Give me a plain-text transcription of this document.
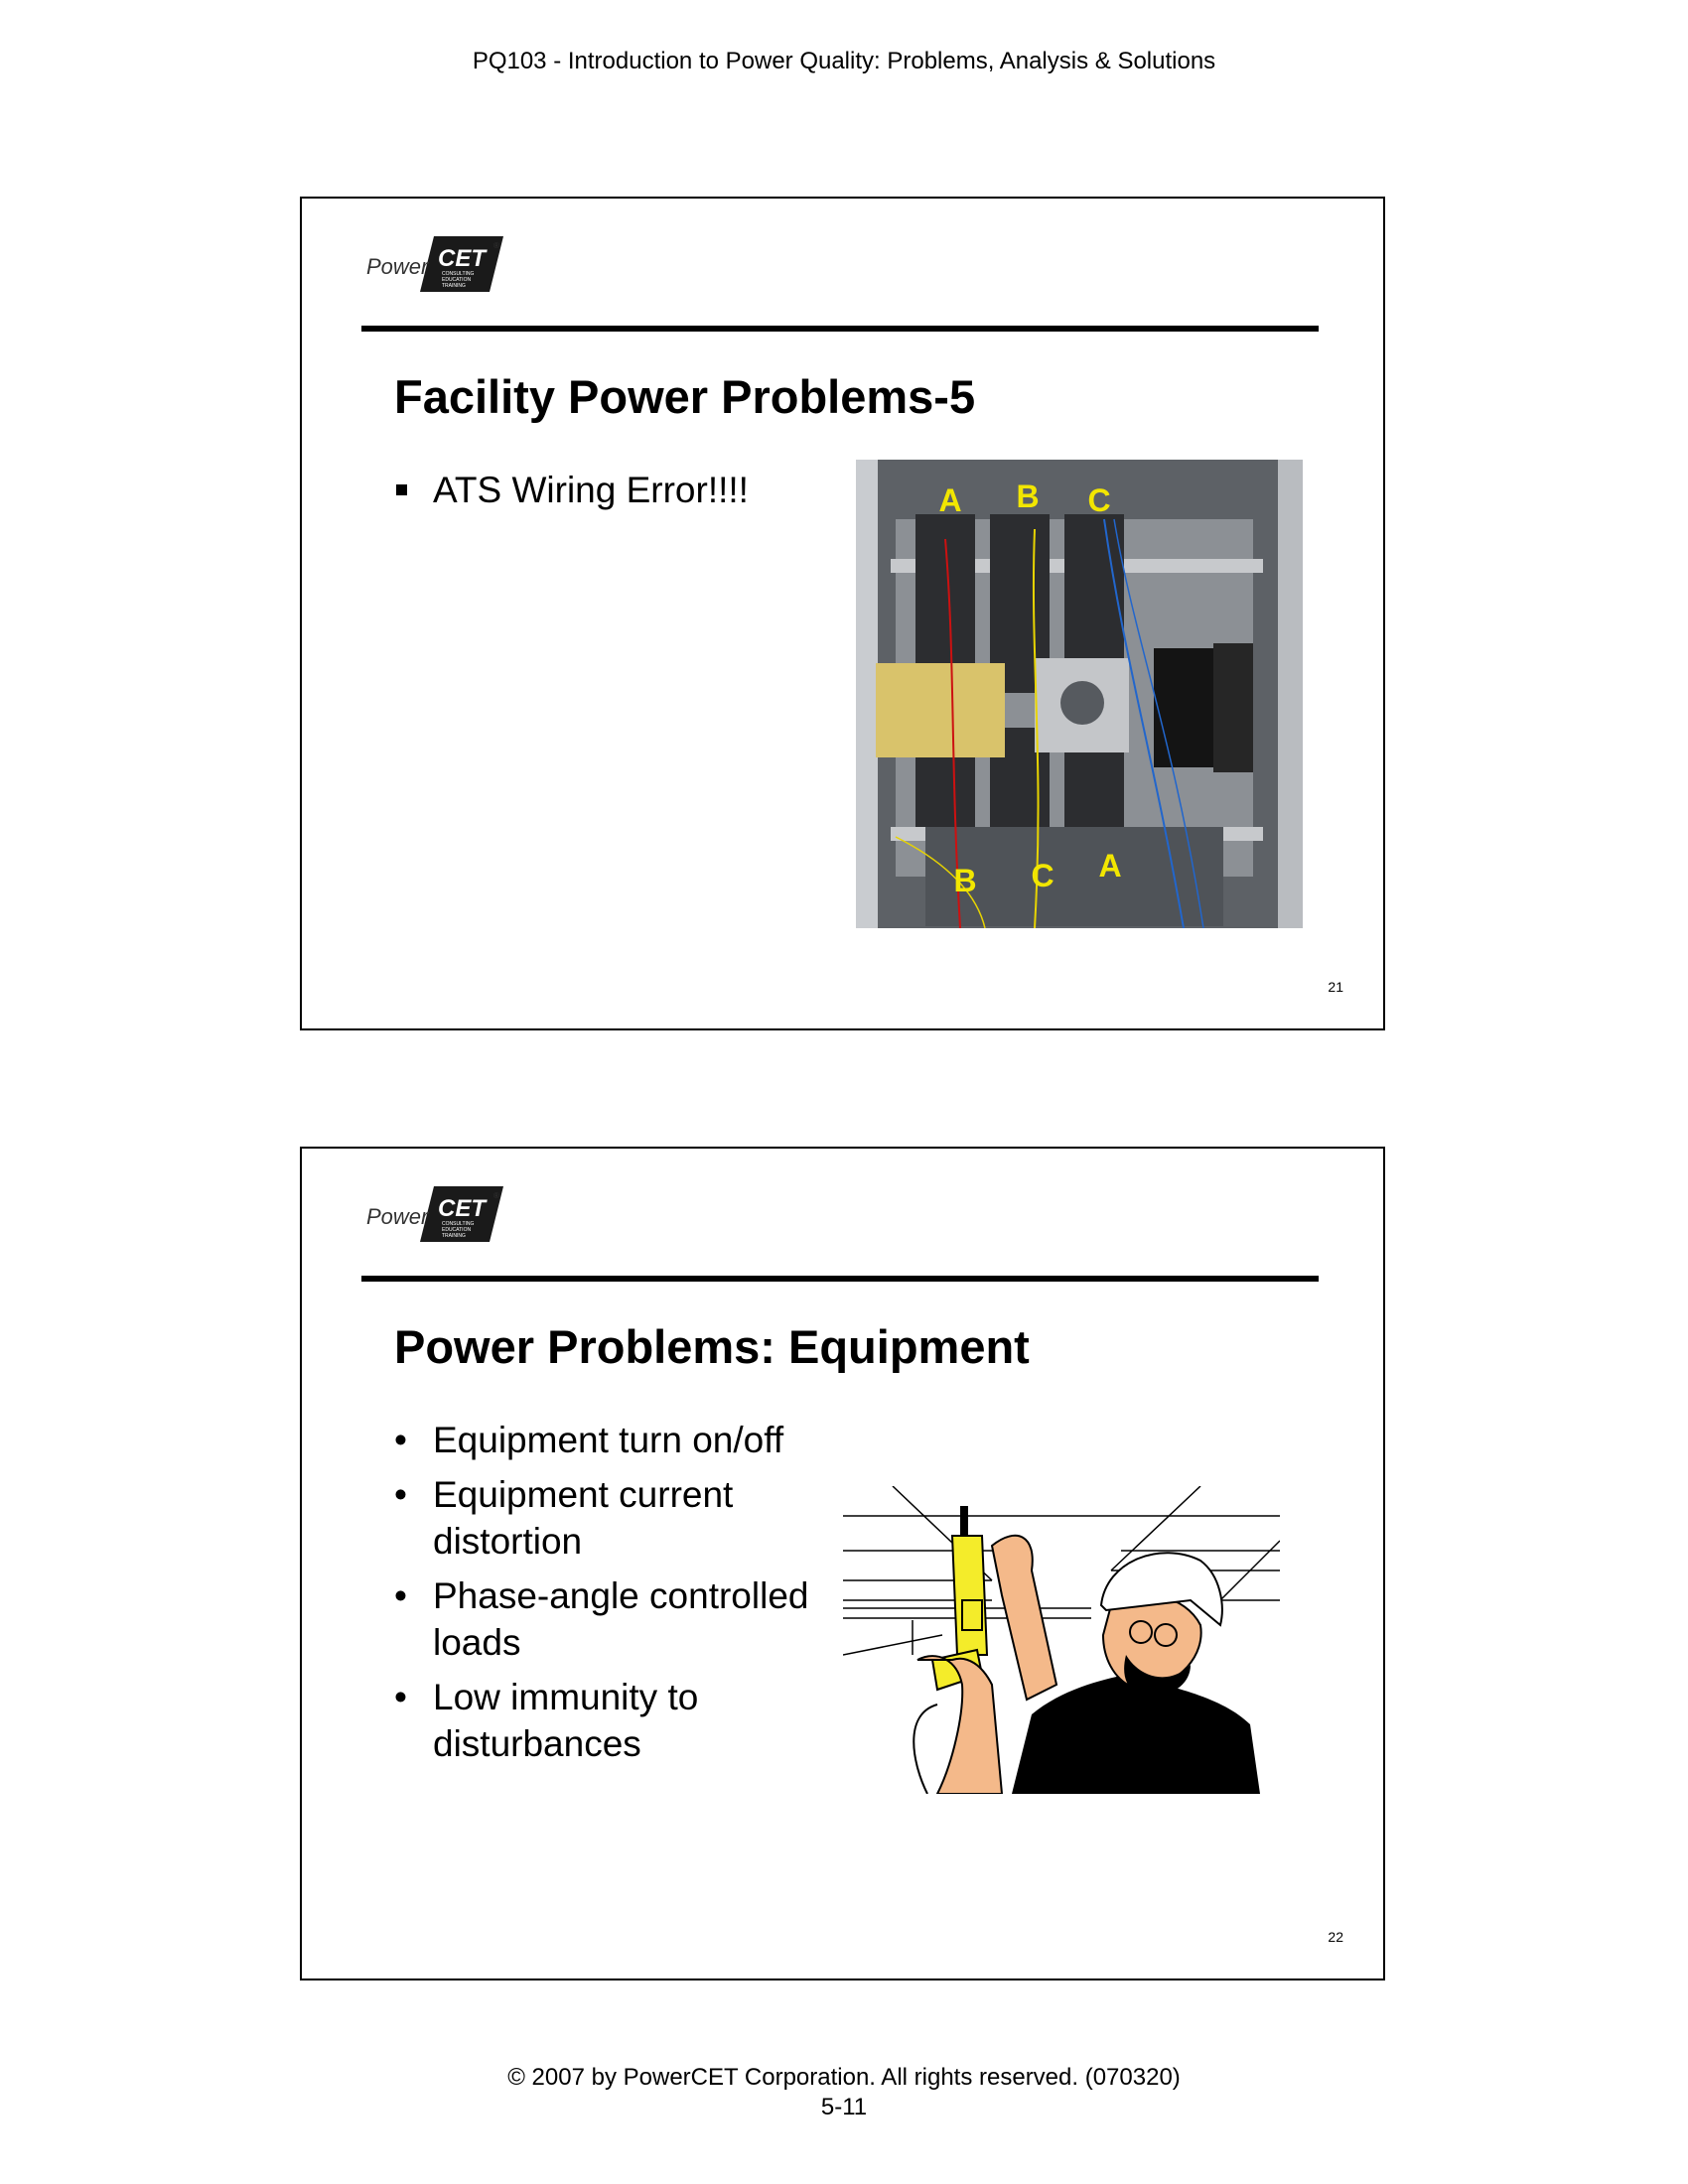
PQ103 - Introduction to Power Quality: Problems, Analysis & Solutions
Power CET ®
CONSULTING
EDUCATION
TRAINING
Facility Power Problems-5
ATS Wiring Error!!!!	A B C
B C A
21
Power CET ®
CONSULTING
EDUCATION
TRAINING
Power Problems: Equipment
• Equipment turn on/off
• Equipment current distortion
• Phase-angle controlled loads
• Low immunity to disturbances
22
© 2007 by PowerCET Corporation. All rights reserved. (070320)
5-11
